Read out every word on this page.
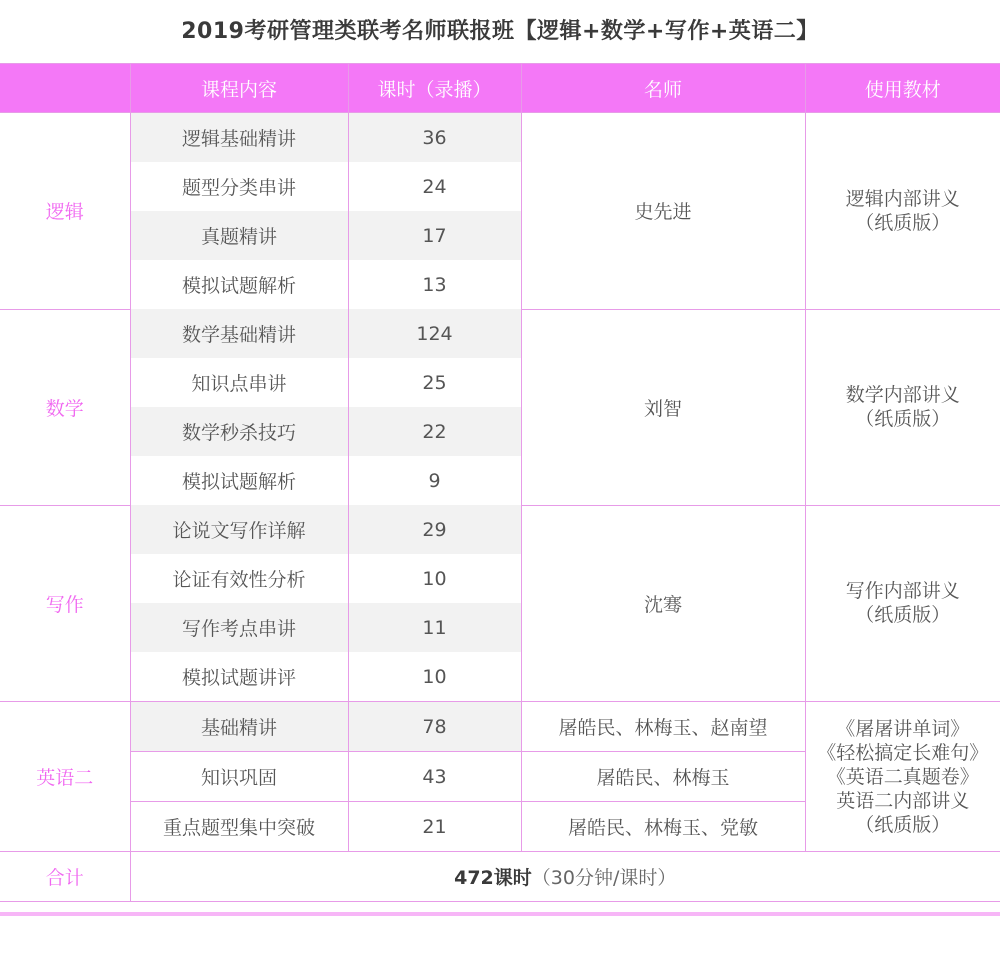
2019考研管理类联考名师联报班【逻辑+数学+写作+英语二】
	课程内容	课时（录播）	名师	使用教材
逻辑	逻辑基础精讲	36	史先进	逻辑内部讲义
（纸质版）

	题型分类串讲	24		
	真题精讲	17		
	模拟试题解析	13		
数学	数学基础精讲	124	刘智	数学内部讲义
（纸质版）

	知识点串讲	25		
	数学秒杀技巧	22		
	模拟试题解析	9		
写作	论说文写作详解	29	沈骞	写作内部讲义
（纸质版）

	论证有效性分析	10		
	写作考点串讲	11		
	模拟试题讲评	10		
英语二	基础精讲	78	屠皓民、林梅玉、赵南望	《屠屠讲单词》
《轻松搞定长难句》
《英语二真题卷》
英语二内部讲义
（纸质版）

	知识巩固	43	屠皓民、林梅玉	
	重点题型集中突破	21	屠皓民、林梅玉、党敏	
合计	472课时（30分钟/课时）			
